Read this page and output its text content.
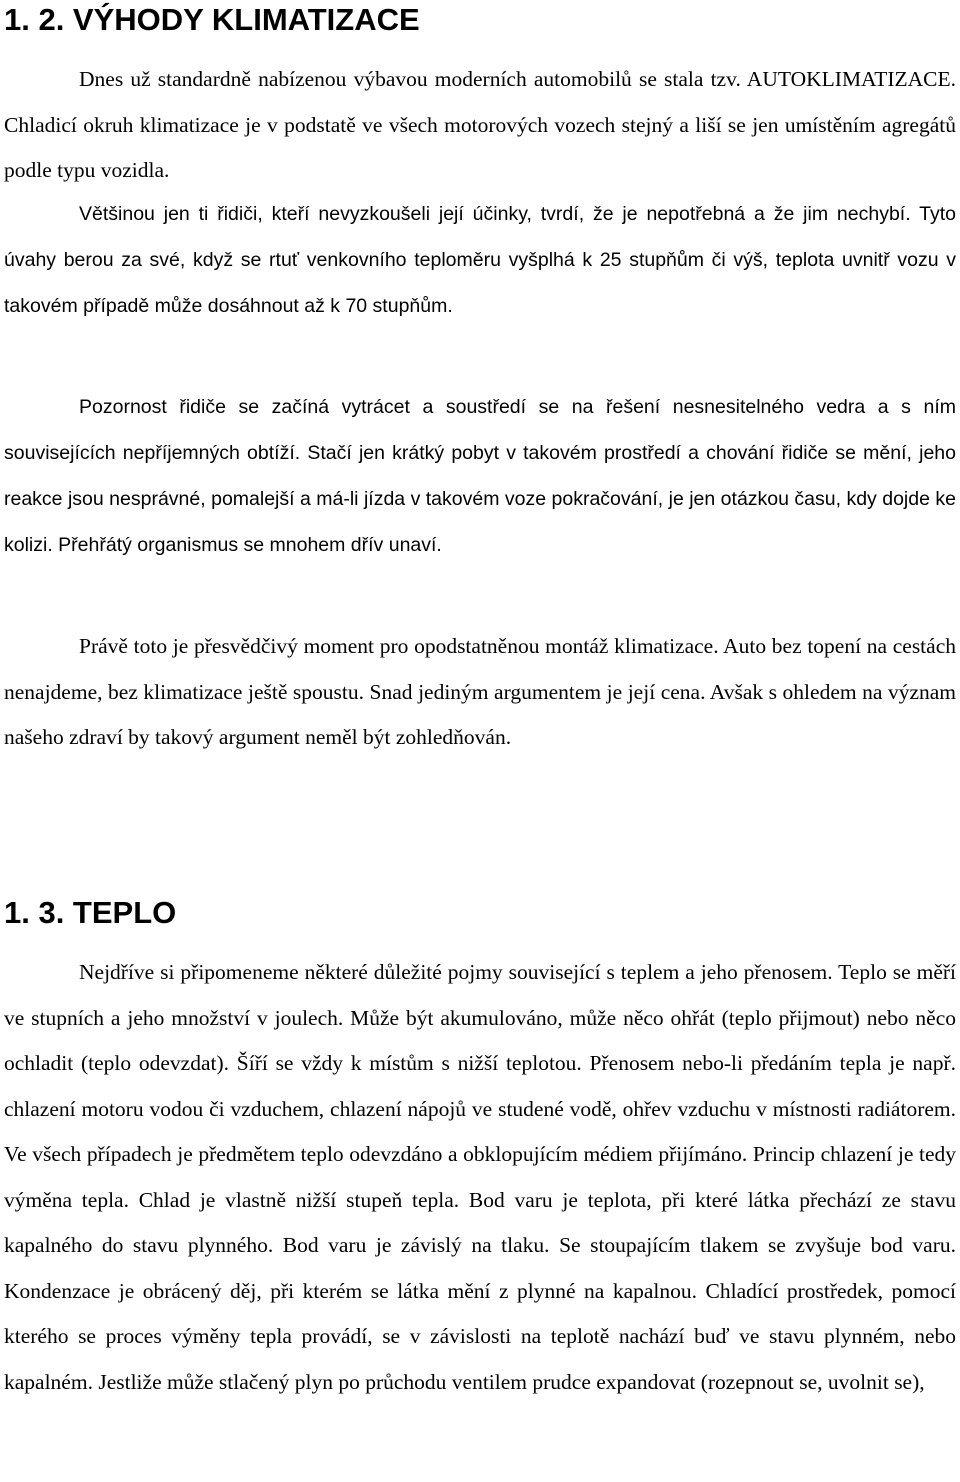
1. 2. VÝHODY KLIMATIZACE

Dnes už standardně nabízenou výbavou moderních automobilů se stala tzv. AUTOKLIMATIZACE. Chladicí okruh klimatizace je v podstatě ve všech motorových vozech stejný a liší se jen umístěním agregátů podle typu vozidla.

Většinou jen ti řidiči, kteří nevyzkoušeli její účinky, tvrdí, že je nepotřebná a že jim nechybí. Tyto úvahy berou za své, když se rtuť venkovního teploměru vyšplhá k 25 stupňům či výš, teplota uvnitř vozu v takovém případě může dosáhnout až k 70 stupňům.

Pozornost řidiče se začíná vytrácet a soustředí se na řešení nesnesitelného vedra a s ním souvisejících nepříjemných obtíží. Stačí jen krátký pobyt v takovém prostředí a chování řidiče se mění, jeho reakce jsou nesprávné, pomalejší a má-li jízda v takovém voze pokračování, je jen otázkou času, kdy dojde ke kolizi. Přehřátý organismus se mnohem dřív unaví.

Právě toto je přesvědčivý moment pro opodstatněnou montáž klimatizace. Auto bez topení na cestách nenajdeme, bez klimatizace ještě spoustu. Snad jediným argumentem je její cena. Avšak s ohledem na význam našeho zdraví by takový argument neměl být zohledňován.

1. 3. TEPLO

Nejdříve si připomeneme některé důležité pojmy související s teplem a jeho přenosem. Teplo se měří ve stupních a jeho množství v joulech. Může být akumulováno, může něco ohřát (teplo přijmout) nebo něco ochladit (teplo odevzdat). Šíří se vždy k místům s nižší teplotou. Přenosem nebo-li předáním tepla je např. chlazení motoru vodou či vzduchem, chlazení nápojů ve studené vodě, ohřev vzduchu v místnosti radiátorem. Ve všech případech je předmětem teplo odevzdáno a obklopujícím médiem přijímáno. Princip chlazení je tedy výměna tepla. Chlad je vlastně nižší stupeň tepla. Bod varu je teplota, při které látka přechází ze stavu kapalného do stavu plynného. Bod varu je závislý na tlaku. Se stoupajícím tlakem se zvyšuje bod varu. Kondenzace je obrácený děj, při kterém se látka mění z plynné na kapalnou. Chladící prostředek, pomocí kterého se proces výměny tepla provádí, se v závislosti na teplotě nachází buď ve stavu plynném, nebo kapalném. Jestliže může stlačený plyn po průchodu ventilem prudce expandovat (rozepnout se, uvolnit se),
